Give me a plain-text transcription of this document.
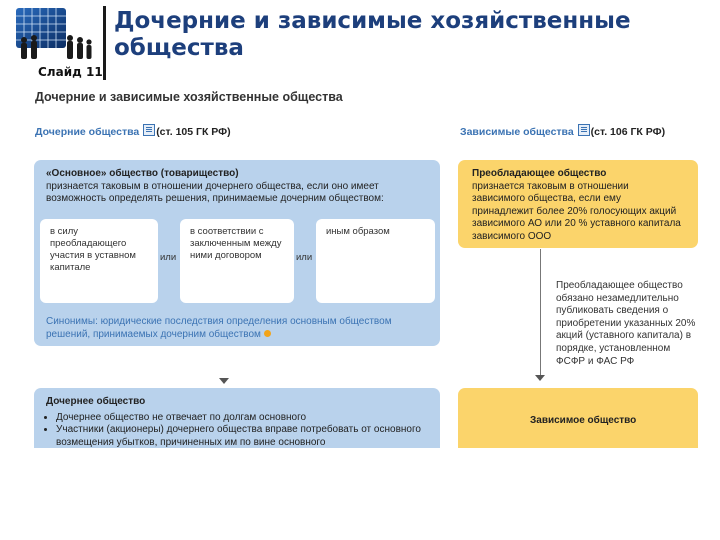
Дочерние и зависимые хозяйственные общества
Слайд 11
Дочерние и зависимые хозяйственные общества
Дочерние общества (ст. 105 ГК РФ)	Зависимые общества (ст. 106 ГК РФ)
«Основное» общество (товарищество)
признается таковым в отношении дочернего общества, если оно имеет возможность определять решения, принимаемые дочерним обществом:
в силу преобладающего участия в уставном капитале
или
в соответствии с заключенным между ними договором	или
иным образом
Синонимы: юридические последствия определения основным обществом решений, принимаемых дочерним обществом
Дочернее общество
• Дочернее общество не отвечает по долгам основного
• Участники (акционеры) дочернего общества вправе потребовать от основного возмещения убытков, причиненных им по вине основного
Преобладающее общество
признается таковым в отношении зависимого общества, если ему принадлежит более 20% голосующих акций зависимого АО или 20 % уставного капитала зависимого ООО
Преобладающее общество обязано незамедлительно публиковать сведения о приобретении указанных 20% акций (уставного капитала) в порядке, установленном ФСФР и ФАС РФ
Зависимое общество
